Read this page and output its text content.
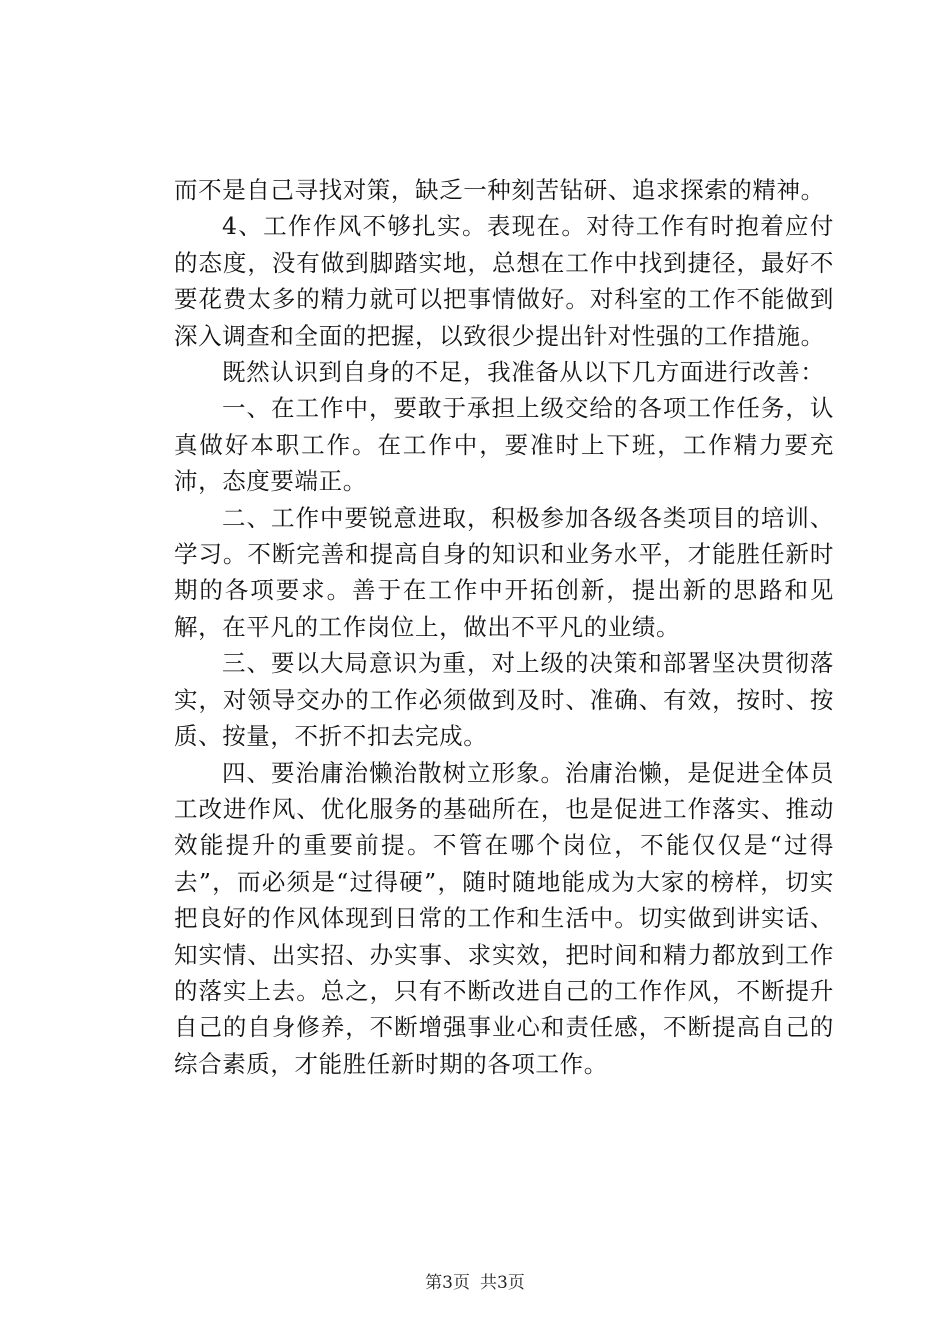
而不是自己寻找对策，缺乏一种刻苦钻研、追求探索的精神。

4、工作作风不够扎实。表现在。对待工作有时抱着应付的态度，没有做到脚踏实地，总想在工作中找到捷径，最好不要花费太多的精力就可以把事情做好。对科室的工作不能做到深入调查和全面的把握，以致很少提出针对性强的工作措施。

既然认识到自身的不足，我准备从以下几方面进行改善：

一、在工作中，要敢于承担上级交给的各项工作任务，认真做好本职工作。在工作中，要准时上下班，工作精力要充沛，态度要端正。

二、工作中要锐意进取，积极参加各级各类项目的培训、学习。不断完善和提高自身的知识和业务水平，才能胜任新时期的各项要求。善于在工作中开拓创新，提出新的思路和见解，在平凡的工作岗位上，做出不平凡的业绩。

三、要以大局意识为重，对上级的决策和部署坚决贯彻落实，对领导交办的工作必须做到及时、准确、有效，按时、按质、按量，不折不扣去完成。

四、要治庸治懒治散树立形象。治庸治懒，是促进全体员工改进作风、优化服务的基础所在，也是促进工作落实、推动效能提升的重要前提。不管在哪个岗位，不能仅仅是“过得去”，而必须是“过得硬”，随时随地能成为大家的榜样，切实把良好的作风体现到日常的工作和生活中。切实做到讲实话、知实情、出实招、办实事、求实效，把时间和精力都放到工作的落实上去。总之，只有不断改进自己的工作作风，不断提升自己的自身修养，不断增强事业心和责任感，不断提高自己的综合素质，才能胜任新时期的各项工作。

第3页 共3页
